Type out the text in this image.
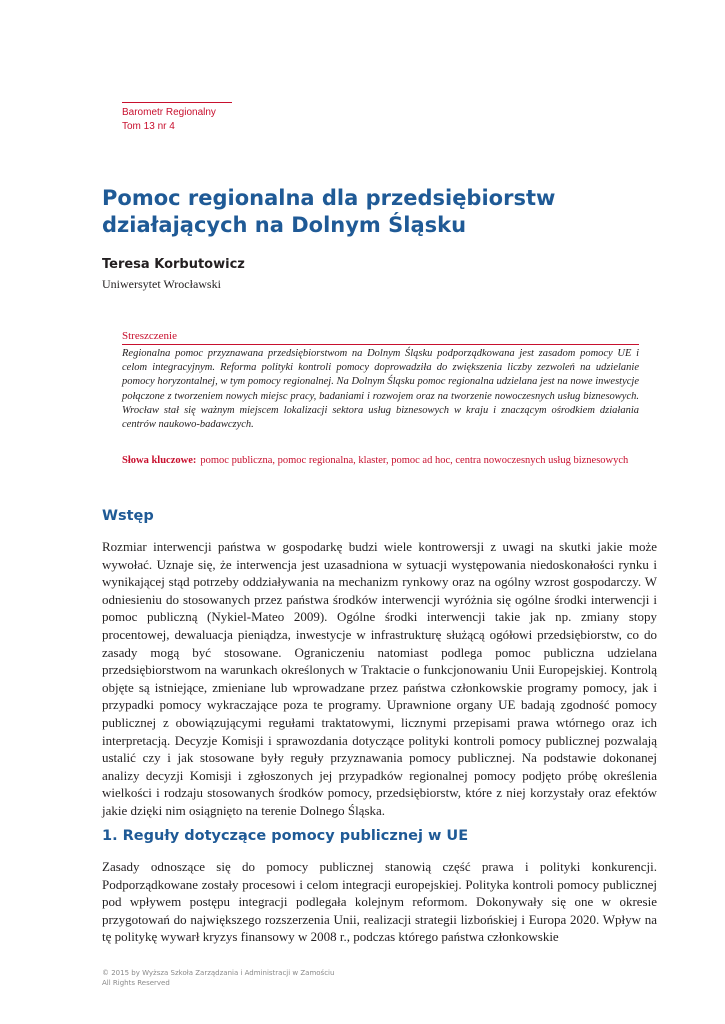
Barometr Regionalny
Tom 13 nr 4
Pomoc regionalna dla przedsiębiorstw działających na Dolnym Śląsku
Teresa Korbutowicz
Uniwersytet Wrocławski
Streszczenie

Regionalna pomoc przyznawana przedsiębiorstwom na Dolnym Śląsku podporządkowana jest zasadom pomocy UE i celom integracyjnym. Reforma polityki kontroli pomocy doprowadziła do zwiększenia liczby zezwoleń na udzielanie pomocy horyzontalnej, w tym pomocy regionalnej. Na Dolnym Śląsku pomoc regionalna udzielana jest na nowe inwestycje połączone z tworzeniem nowych miejsc pracy, badaniami i rozwojem oraz na tworzenie nowoczesnych usług biznesowych. Wrocław stał się ważnym miejscem lokalizacji sektora usług biznesowych w kraju i znaczącym ośrodkiem działania centrów naukowo-badawczych.

Słowa kluczowe: pomoc publiczna, pomoc regionalna, klaster, pomoc ad hoc, centra nowoczesnych usług biznesowych
Wstęp

Rozmiar interwencji państwa w gospodarkę budzi wiele kontrowersji z uwagi na skutki jakie może wywołać. Uznaje się, że interwencja jest uzasadniona w sytuacji występowania niedoskonałości rynku i wynikającej stąd potrzeby oddziaływania na mechanizm rynkowy oraz na ogólny wzrost gospodarczy. W odniesieniu do stosowanych przez państwa środków interwencji wyróżnia się ogólne środki interwencji i pomoc publiczną (Nykiel-Mateo 2009). Ogólne środki interwencji takie jak np. zmiany stopy procentowej, dewaluacja pieniądza, inwestycje w infrastrukturę służącą ogółowi przedsiębiorstw, co do zasady mogą być stosowane. Ograniczeniu natomiast podlega pomoc publiczna udzielana przedsiębiorstwom na warunkach określonych w Traktacie o funkcjonowaniu Unii Europejskiej. Kontrolą objęte są istniejące, zmieniane lub wprowadzane przez państwa członkowskie programy pomocy, jak i przypadki pomocy wykraczające poza te programy. Uprawnione organy UE badają zgodność pomocy publicznej z obowiązującymi regułami traktatowymi, licznymi przepisami prawa wtórnego oraz ich interpretacją. Decyzje Komisji i sprawozdania dotyczące polityki kontroli pomocy publicznej pozwalają ustalić czy i jak stosowane były reguły przyznawania pomocy publicznej. Na podstawie dokonanej analizy decyzji Komisji i zgłoszonych jej przypadków regionalnej pomocy podjęto próbę określenia wielkości i rodzaju stosowanych środków pomocy, przedsiębiorstw, które z niej korzystały oraz efektów jakie dzięki nim osiągnięto na terenie Dolnego Śląska.

1. Reguły dotyczące pomocy publicznej w UE

Zasady odnoszące się do pomocy publicznej stanowią część prawa i polityki konkurencji. Podporządkowane zostały procesowi i celom integracji europejskiej. Polityka kontroli pomocy publicznej pod wpływem postępu integracji podlegała kolejnym reformom. Dokonywały się one w okresie przygotowań do największego rozszerzenia Unii, realizacji strategii lizbońskiej i Europa 2020. Wpływ na tę politykę wywarł kryzys finansowy w 2008 r., podczas którego państwa członkowskie

© 2015 by Wyższa Szkoła Zarządzania i Administracji w Zamościu
All Rights Reserved
